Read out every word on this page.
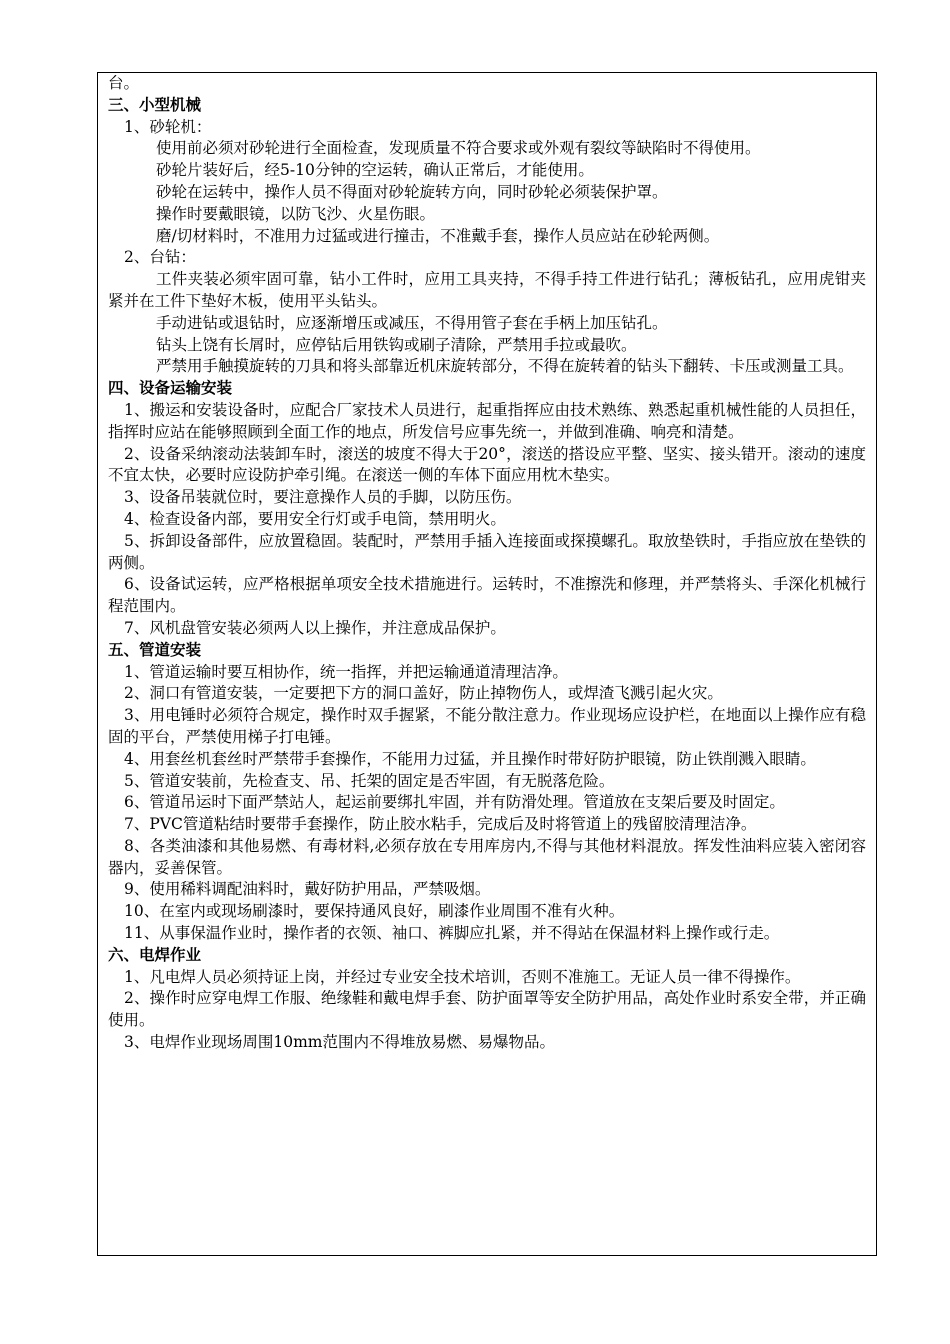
台。

三、小型机械

1、砂轮机：

使用前必须对砂轮进行全面检查，发现质量不符合要求或外观有裂纹等缺陷时不得使用。

砂轮片装好后，经5-10分钟的空运转，确认正常后，才能使用。

砂轮在运转中，操作人员不得面对砂轮旋转方向，同时砂轮必须装保护罩。

操作时要戴眼镜，以防飞沙、火星伤眼。

磨/切材料时，不准用力过猛或进行撞击，不准戴手套，操作人员应站在砂轮两侧。

2、台钻：

工件夹装必须牢固可靠，钻小工件时，应用工具夹持，不得手持工件进行钻孔；薄板钻孔，应用虎钳夹紧并在工件下垫好木板，使用平头钻头。

手动进钻或退钻时，应逐渐增压或减压，不得用管子套在手柄上加压钻孔。

钻头上饶有长屑时，应停钻后用铁钩或刷子清除，严禁用手拉或最吹。

严禁用手触摸旋转的刀具和将头部靠近机床旋转部分，不得在旋转着的钻头下翻转、卡压或测量工具。

四、设备运输安装

1、搬运和安装设备时，应配合厂家技术人员进行，起重指挥应由技术熟练、熟悉起重机械性能的人员担任，指挥时应站在能够照顾到全面工作的地点，所发信号应事先统一，并做到准确、响亮和清楚。

2、设备采纳滚动法装卸车时，滚送的坡度不得大于20°，滚送的搭设应平整、坚实、接头错开。滚动的速度不宜太快，必要时应设防护牵引绳。在滚送一侧的车体下面应用枕木垫实。

3、设备吊装就位时，要注意操作人员的手脚，以防压伤。

4、检查设备内部，要用安全行灯或手电筒，禁用明火。

5、拆卸设备部件，应放置稳固。装配时，严禁用手插入连接面或探摸螺孔。取放垫铁时，手指应放在垫铁的两侧。

6、设备试运转，应严格根据单项安全技术措施进行。运转时，不准擦洗和修理，并严禁将头、手深化机械行程范围内。

7、风机盘管安装必须两人以上操作，并注意成品保护。

五、管道安装

1、管道运输时要互相协作，统一指挥，并把运输通道清理洁净。

2、洞口有管道安装，一定要把下方的洞口盖好，防止掉物伤人，或焊渣飞溅引起火灾。

3、用电锤时必须符合规定，操作时双手握紧，不能分散注意力。作业现场应设护栏，在地面以上操作应有稳固的平台，严禁使用梯子打电锤。

4、用套丝机套丝时严禁带手套操作，不能用力过猛，并且操作时带好防护眼镜，防止铁削溅入眼睛。

5、管道安装前，先检查支、吊、托架的固定是否牢固，有无脱落危险。

6、管道吊运时下面严禁站人，起运前要绑扎牢固，并有防滑处理。管道放在支架后要及时固定。

7、PVC管道粘结时要带手套操作，防止胶水粘手，完成后及时将管道上的残留胶清理洁净。

8、各类油漆和其他易燃、有毒材料,必须存放在专用库房内,不得与其他材料混放。挥发性油料应装入密闭容器内，妥善保管。

9、使用稀料调配油料时，戴好防护用品，严禁吸烟。

10、在室内或现场刷漆时，要保持通风良好，刷漆作业周围不准有火种。

11、从事保温作业时，操作者的衣领、袖口、裤脚应扎紧，并不得站在保温材料上操作或行走。

六、电焊作业

1、凡电焊人员必须持证上岗，并经过专业安全技术培训，否则不准施工。无证人员一律不得操作。

2、操作时应穿电焊工作服、绝缘鞋和戴电焊手套、防护面罩等安全防护用品，高处作业时系安全带，并正确使用。

3、电焊作业现场周围10mm范围内不得堆放易燃、易爆物品。
